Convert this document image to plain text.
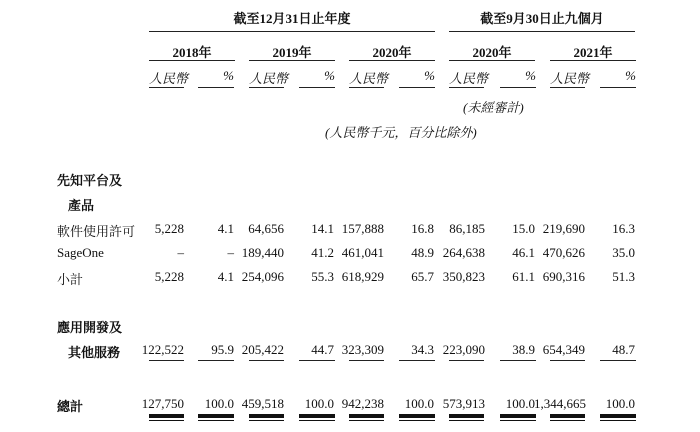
截至12月31日止年度	截至9月30日止九個月
2018年	2019年	2020年	2020年	2021年
人民幣	% 人民幣	% 人民幣	% 人民幣	% 人民幣	%
(未經審計)
(人民幣千元，百分比除外)
先知平台及
產品
軟件使用許可	5,228	4.1	64,656	14.1 157,888	16.8	86,185	15.0 219,690	16.3
SageOne	–	– 189,440	41.2 461,041	48.9 264,638	46.1 470,626	35.0
小計	5,228	4.1 254,096	55.3 618,929	65.7 350,823	61.1 690,316	51.3
應用開發及
其他服務	122,522	95.9 205,422	44.7 323,309	34.3 223,090	38.9 654,349	48.7
總計	127,750	100.0 459,518	100.0 942,238	100.0 573,913	100.0 1,344,665	100.0
